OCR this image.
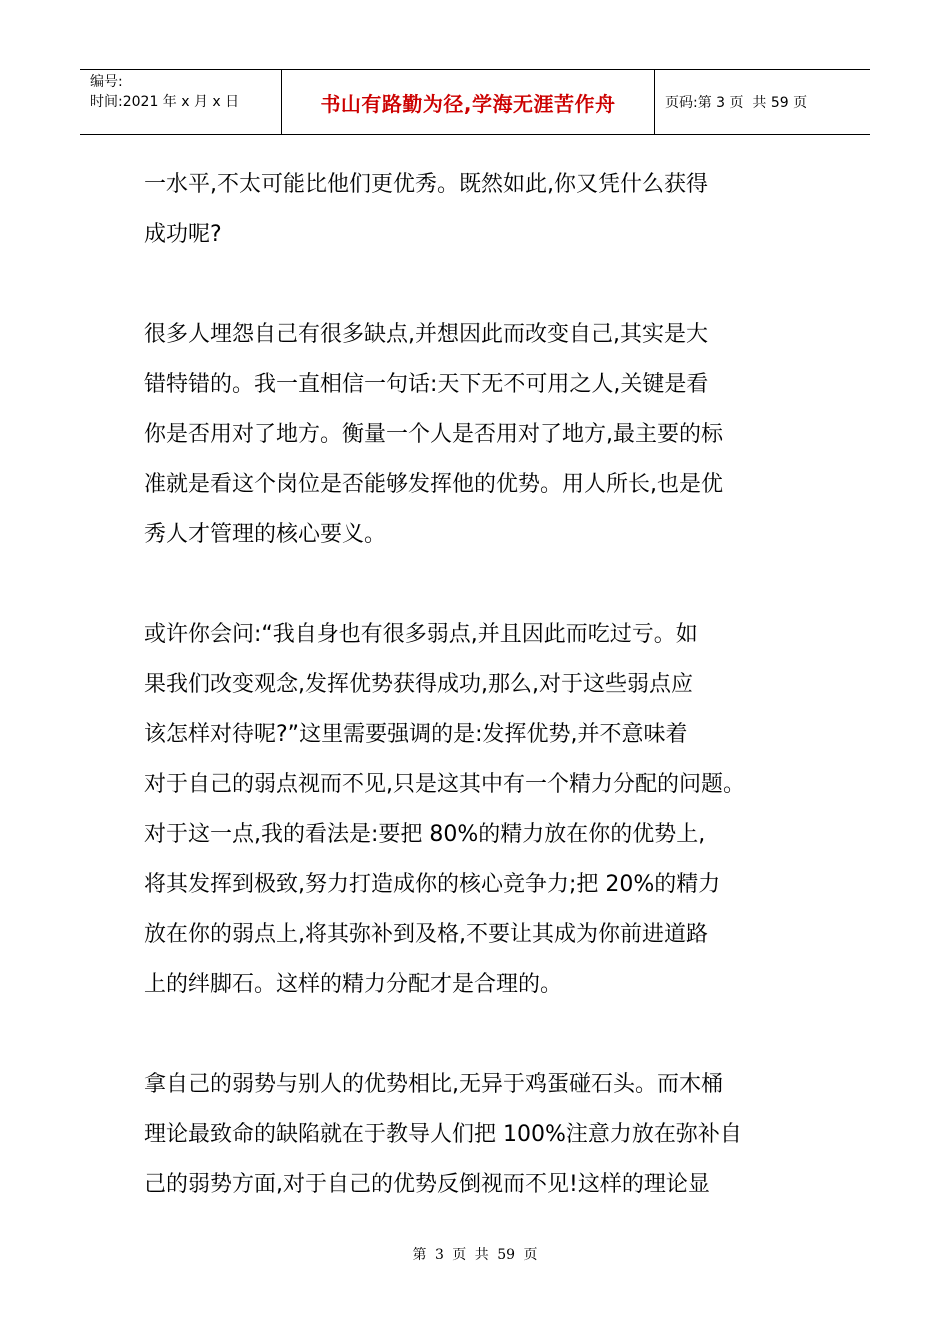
编号:
时间:2021 年 x 月 x 日	书山有路勤为径,学海无涯苦作舟	页码:第 3 页  共 59 页
一水平,不太可能比他们更优秀。既然如此,你又凭什么获得
成功呢?
很多人埋怨自己有很多缺点,并想因此而改变自己,其实是大
错特错的。我一直相信一句话:天下无不可用之人,关键是看
你是否用对了地方。衡量一个人是否用对了地方,最主要的标
准就是看这个岗位是否能够发挥他的优势。用人所长,也是优
秀人才管理的核心要义。
或许你会问:“我自身也有很多弱点,并且因此而吃过亏。如
果我们改变观念,发挥优势获得成功,那么,对于这些弱点应
该怎样对待呢?”这里需要强调的是:发挥优势,并不意味着
对于自己的弱点视而不见,只是这其中有一个精力分配的问题。
对于这一点,我的看法是:要把 80%的精力放在你的优势上,
将其发挥到极致,努力打造成你的核心竞争力;把 20%的精力
放在你的弱点上,将其弥补到及格,不要让其成为你前进道路
上的绊脚石。这样的精力分配才是合理的。
拿自己的弱势与别人的优势相比,无异于鸡蛋碰石头。而木桶
理论最致命的缺陷就在于教导人们把 100%注意力放在弥补自
己的弱势方面,对于自己的优势反倒视而不见!这样的理论显
第 3 页 共 59 页
